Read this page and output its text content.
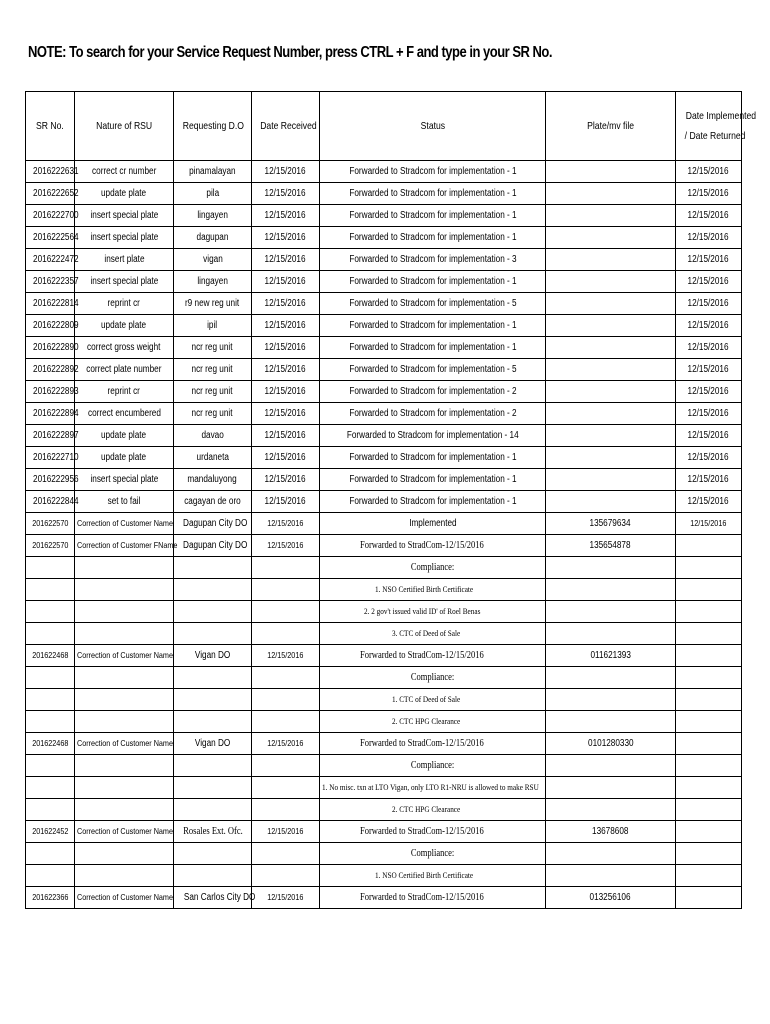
NOTE: To search for your Service Request Number, press CTRL + F and type in your SR No.
SR No.	Nature of RSU	Requesting D.O	Date Received	Status	Plate/mv file	Date Implemented
/ Date Returned
2016222631	correct cr number	pinamalayan	12/15/2016	Forwarded to Stradcom for implementation - 1		12/15/2016
2016222652	update plate	pila	12/15/2016	Forwarded to Stradcom for implementation - 1		12/15/2016
2016222700	insert special plate	lingayen	12/15/2016	Forwarded to Stradcom for implementation - 1		12/15/2016
2016222564	insert special plate	dagupan	12/15/2016	Forwarded to Stradcom for implementation - 1		12/15/2016
2016222472	insert plate	vigan	12/15/2016	Forwarded to Stradcom for implementation - 3		12/15/2016
2016222357	insert special plate	lingayen	12/15/2016	Forwarded to Stradcom for implementation - 1		12/15/2016
2016222814	reprint cr	r9 new reg unit	12/15/2016	Forwarded to Stradcom for implementation - 5		12/15/2016
2016222809	update plate	ipil	12/15/2016	Forwarded to Stradcom for implementation - 1		12/15/2016
2016222890	correct gross weight	ncr reg unit	12/15/2016	Forwarded to Stradcom for implementation - 1		12/15/2016
2016222892	correct plate number	ncr reg unit	12/15/2016	Forwarded to Stradcom for implementation - 5		12/15/2016
2016222893	reprint cr	ncr reg unit	12/15/2016	Forwarded to Stradcom for implementation - 2		12/15/2016
2016222894	correct encumbered	ncr reg unit	12/15/2016	Forwarded to Stradcom for implementation - 2		12/15/2016
2016222897	update plate	davao	12/15/2016	Forwarded to Stradcom for implementation - 14		12/15/2016
2016222710	update plate	urdaneta	12/15/2016	Forwarded to Stradcom for implementation - 1		12/15/2016
2016222956	insert special plate	mandaluyong	12/15/2016	Forwarded to Stradcom for implementation - 1		12/15/2016
2016222844	set to fail	cagayan de oro	12/15/2016	Forwarded to Stradcom for implementation - 1		12/15/2016
201622570	Correction of Customer Name	Dagupan City DO	12/15/2016	Implemented	135679634	12/15/2016
201622570	Correction of Customer FName	Dagupan City DO	12/15/2016	Forwarded to StradCom-12/15/2016	135654878	
				Compliance:		
				1. NSO Certified Birth Certificate		
				2. 2 gov't issued valid ID' of Roel Benas		
				3. CTC of Deed of Sale		
201622468	Correction of Customer Name	Vigan DO	12/15/2016	Forwarded to StradCom-12/15/2016	011621393	
				Compliance:		
				1. CTC of Deed of Sale		
				2. CTC HPG Clearance		
201622468	Correction of Customer Name	Vigan DO	12/15/2016	Forwarded to StradCom-12/15/2016	0101280330	
				Compliance:		
				1. No misc. txn at LTO Vigan, only LTO R1-NRU is allowed to make RSU		
				2. CTC HPG Clearance		
201622452	Correction of Customer Name	Rosales Ext. Ofc.	12/15/2016	Forwarded to StradCom-12/15/2016	13678608	
				Compliance:		
				1. NSO Certified Birth Certificate		
201622366	Correction of Customer Name	San Carlos City DO	12/15/2016	Forwarded to StradCom-12/15/2016	013256106	
